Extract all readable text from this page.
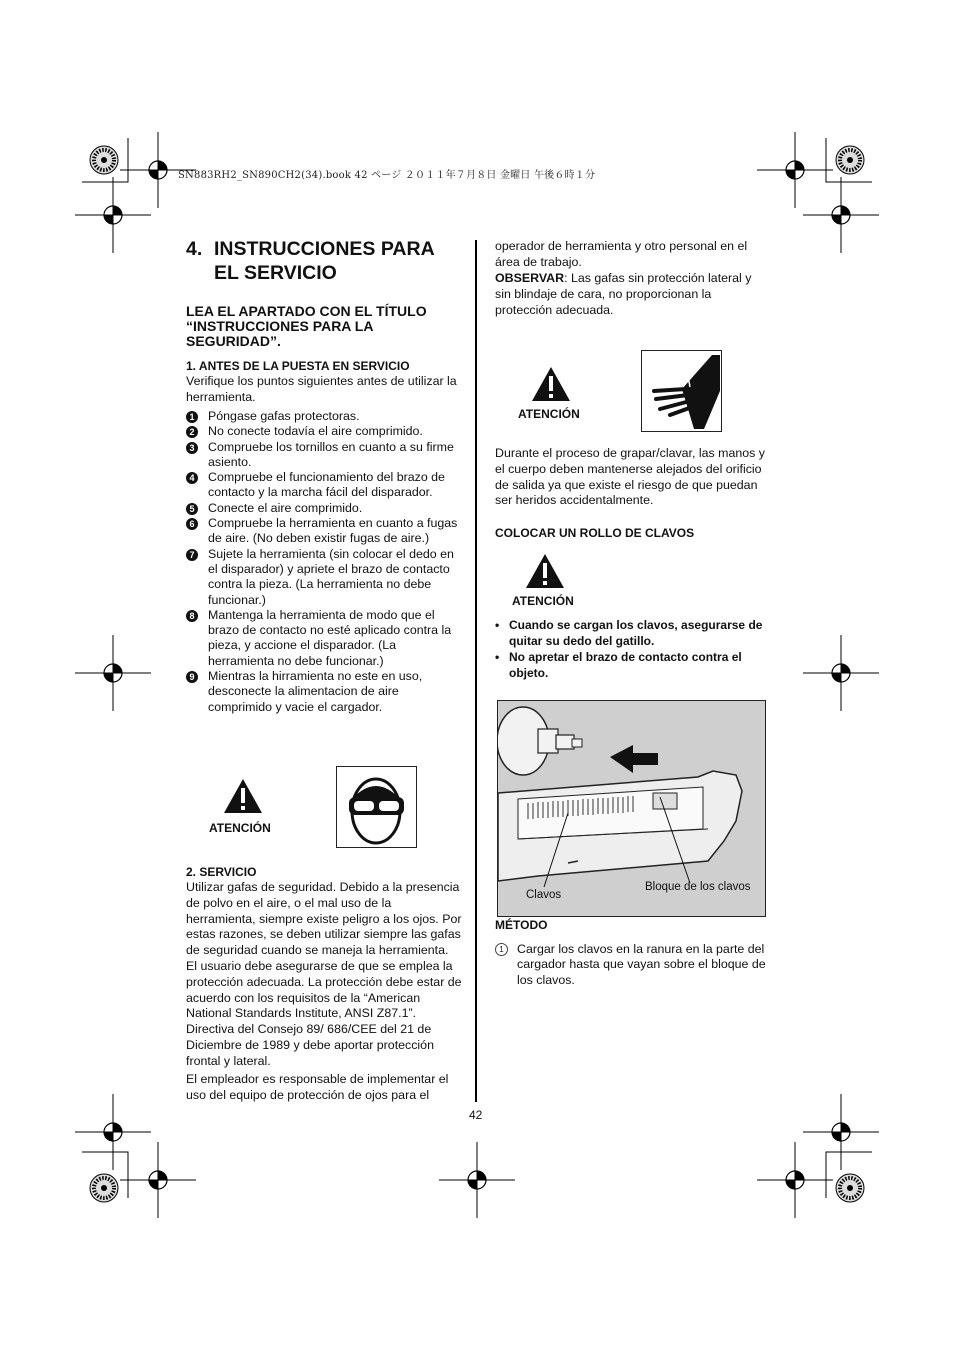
SN883RH2_SN890CH2(34).book 42 ページ ２０１１年７月８日 金曜日 午後６時１分
4. INSTRUCCIONES PARA
EL SERVICIO
LEA EL APARTADO CON EL TÍTULO “INSTRUCCIONES PARA LA SEGURIDAD”.
1. ANTES DE LA PUESTA EN SERVICIO
Verifique los puntos siguientes antes de utilizar la herramienta.
1 Póngase gafas protectoras.
2 No conecte todavía el aire comprimido.
3 Compruebe los tornillos en cuanto a su firme asiento.
4 Compruebe el funcionamiento del brazo de contacto y la marcha fácil del disparador.
5 Conecte el aire comprimido.
6 Compruebe la herramienta en cuanto a fugas de aire. (No deben existir fugas de aire.)
7 Sujete la herramienta (sin colocar el dedo en el disparador) y apriete el brazo de contacto contra la pieza. (La herramienta no debe funcionar.)
8 Mantenga la herramienta de modo que el brazo de contacto no esté aplicado contra la pieza, y accione el disparador. (La herramienta no debe funcionar.)
9 Mientras la hirramienta no este en uso, desconecte la alimentacion de aire comprimido y vacie el cargador.
ATENCIÓN
2. SERVICIO
Utilizar gafas de seguridad. Debido a la presencia de polvo en el aire, o el mal uso de la herramienta, siempre existe peligro a los ojos. Por estas razones, se deben utilizar siempre las gafas de seguridad cuando se maneja la herramienta. El usuario debe asegurarse de que se emplea la protección adecuada. La protección debe estar de acuerdo con los requisitos de la “American National Standards Institute, ANSI Z87.1”. Directiva del Consejo 89/ 686/CEE del 21 de Diciembre de 1989 y debe aportar protección frontal y lateral.
El empleador es responsable de implementar el uso del equipo de protección de ojos para el
operador de herramienta y otro personal en el área de trabajo.
OBSERVAR: Las gafas sin protección lateral y sin blindaje de cara, no proporcionan la protección adecuada.
ATENCIÓN
Durante el proceso de grapar/clavar, las manos y el cuerpo deben mantenerse alejados del orificio de salida ya que existe el riesgo de que puedan ser heridos accidentalmente.
COLOCAR UN ROLLO DE CLAVOS
ATENCIÓN
• Cuando se cargan los clavos, asegurarse de quitar su dedo del gatillo.
• No apretar el brazo de contacto contra el objeto.
Clavos
Bloque de los clavos
MÉTODO
1	Cargar los clavos en la ranura en la parte del cargador hasta que vayan sobre el bloque de los clavos.
42
